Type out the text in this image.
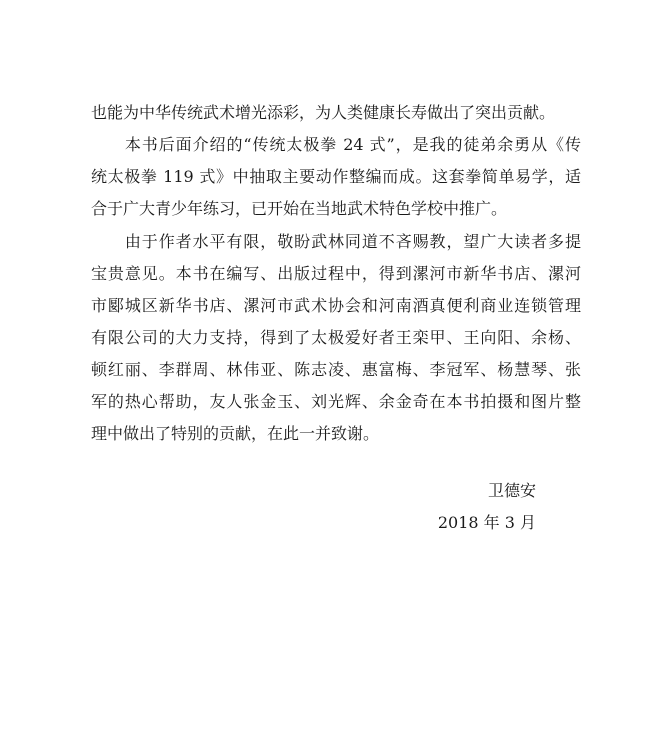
也能为中华传统武术增光添彩，为人类健康长寿做出了突出贡献。
　　本书后面介绍的“传统太极拳 24 式”，是我的徒弟余勇从《传
统太极拳 119 式》中抽取主要动作整编而成。这套拳简单易学，适
合于广大青少年练习，已开始在当地武术特色学校中推广。
　　由于作者水平有限，敬盼武林同道不吝赐教，望广大读者多提
宝贵意见。本书在编写、出版过程中，得到漯河市新华书店、漯河
市郾城区新华书店、漯河市武术协会和河南酒真便利商业连锁管理
有限公司的大力支持，得到了太极爱好者王栾甲、王向阳、余杨、
顿红丽、李群周、林伟亚、陈志凌、惠富梅、李冠军、杨慧琴、张
军的热心帮助，友人张金玉、刘光辉、余金奇在本书拍摄和图片整
理中做出了特别的贡献，在此一并致谢。
卫德安
2018 年 3 月
